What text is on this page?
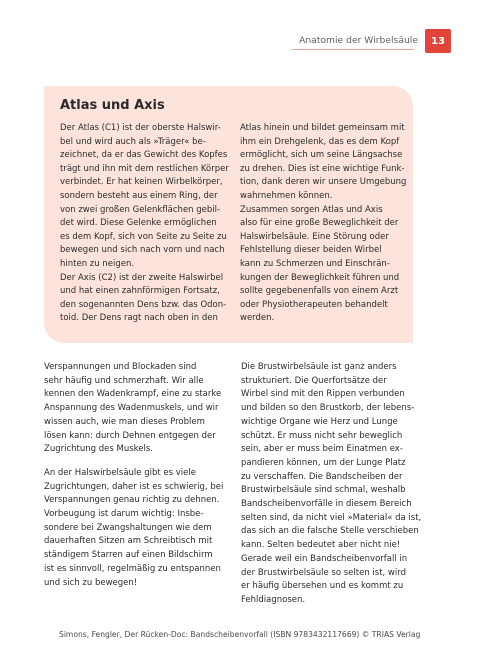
Anatomie der Wirbelsäule	13
Atlas und Axis
Der Atlas (C1) ist der oberste Halswir-
bel und wird auch als »Träger« be-
zeichnet, da er das Gewicht des Kopfes
trägt und ihn mit dem restlichen Körper
verbindet. Er hat keinen Wirbelkörper,
sondern besteht aus einem Ring, der
von zwei großen Gelenkflächen gebil-
det wird. Diese Gelenke ermöglichen
es dem Kopf, sich von Seite zu Seite zu
bewegen und sich nach vorn und nach
hinten zu neigen.
Der Axis (C2) ist der zweite Halswirbel
und hat einen zahnförmigen Fortsatz,
den sogenannten Dens bzw. das Odon-
toid. Der Dens ragt nach oben in den
Atlas hinein und bildet gemeinsam mit
ihm ein Drehgelenk, das es dem Kopf
ermöglicht, sich um seine Längsachse
zu drehen. Dies ist eine wichtige Funk-
tion, dank deren wir unsere Umgebung
wahrnehmen können.
Zusammen sorgen Atlas und Axis
also für eine große Beweglichkeit der
Halswirbelsäule. Eine Störung oder
Fehlstellung dieser beiden Wirbel
kann zu Schmerzen und Einschrän-
kungen der Beweglichkeit führen und
sollte gegebenenfalls von einem Arzt
oder Physiotherapeuten behandelt
werden.
Verspannungen und Blockaden sind
sehr häufig und schmerzhaft. Wir alle
kennen den Wadenkrampf, eine zu starke
Anspannung des Wadenmuskels, und wir
wissen auch, wie man dieses Problem
lösen kann: durch Dehnen entgegen der
Zugrichtung des Muskels.
An der Halswirbelsäule gibt es viele
Zugrichtungen, daher ist es schwierig, bei
Verspannungen genau richtig zu dehnen.
Vorbeugung ist darum wichtig: Insbe-
sondere bei Zwangshaltungen wie dem
dauerhaften Sitzen am Schreibtisch mit
ständigem Starren auf einen Bildschirm
ist es sinnvoll, regelmäßig zu entspannen
und sich zu bewegen!
Die Brustwirbelsäule ist ganz anders
strukturiert. Die Querfortsätze der
Wirbel sind mit den Rippen verbunden
und bilden so den Brustkorb, der lebens-
wichtige Organe wie Herz und Lunge
schützt. Er muss nicht sehr beweglich
sein, aber er muss beim Einatmen ex-
pandieren können, um der Lunge Platz
zu verschaffen. Die Bandscheiben der
Brustwirbelsäule sind schmal, weshalb
Bandscheibenvorfälle in diesem Bereich
selten sind, da nicht viel »Material« da ist,
das sich an die falsche Stelle verschieben
kann. Selten bedeutet aber nicht nie!
Gerade weil ein Bandscheibenvorfall in
der Brustwirbelsäule so selten ist, wird
er häufig übersehen und es kommt zu
Fehldiagnosen.
Simons, Fengler, Der Rücken-Doc: Bandscheibenvorfall (ISBN 9783432117669) © TRIAS Verlag
